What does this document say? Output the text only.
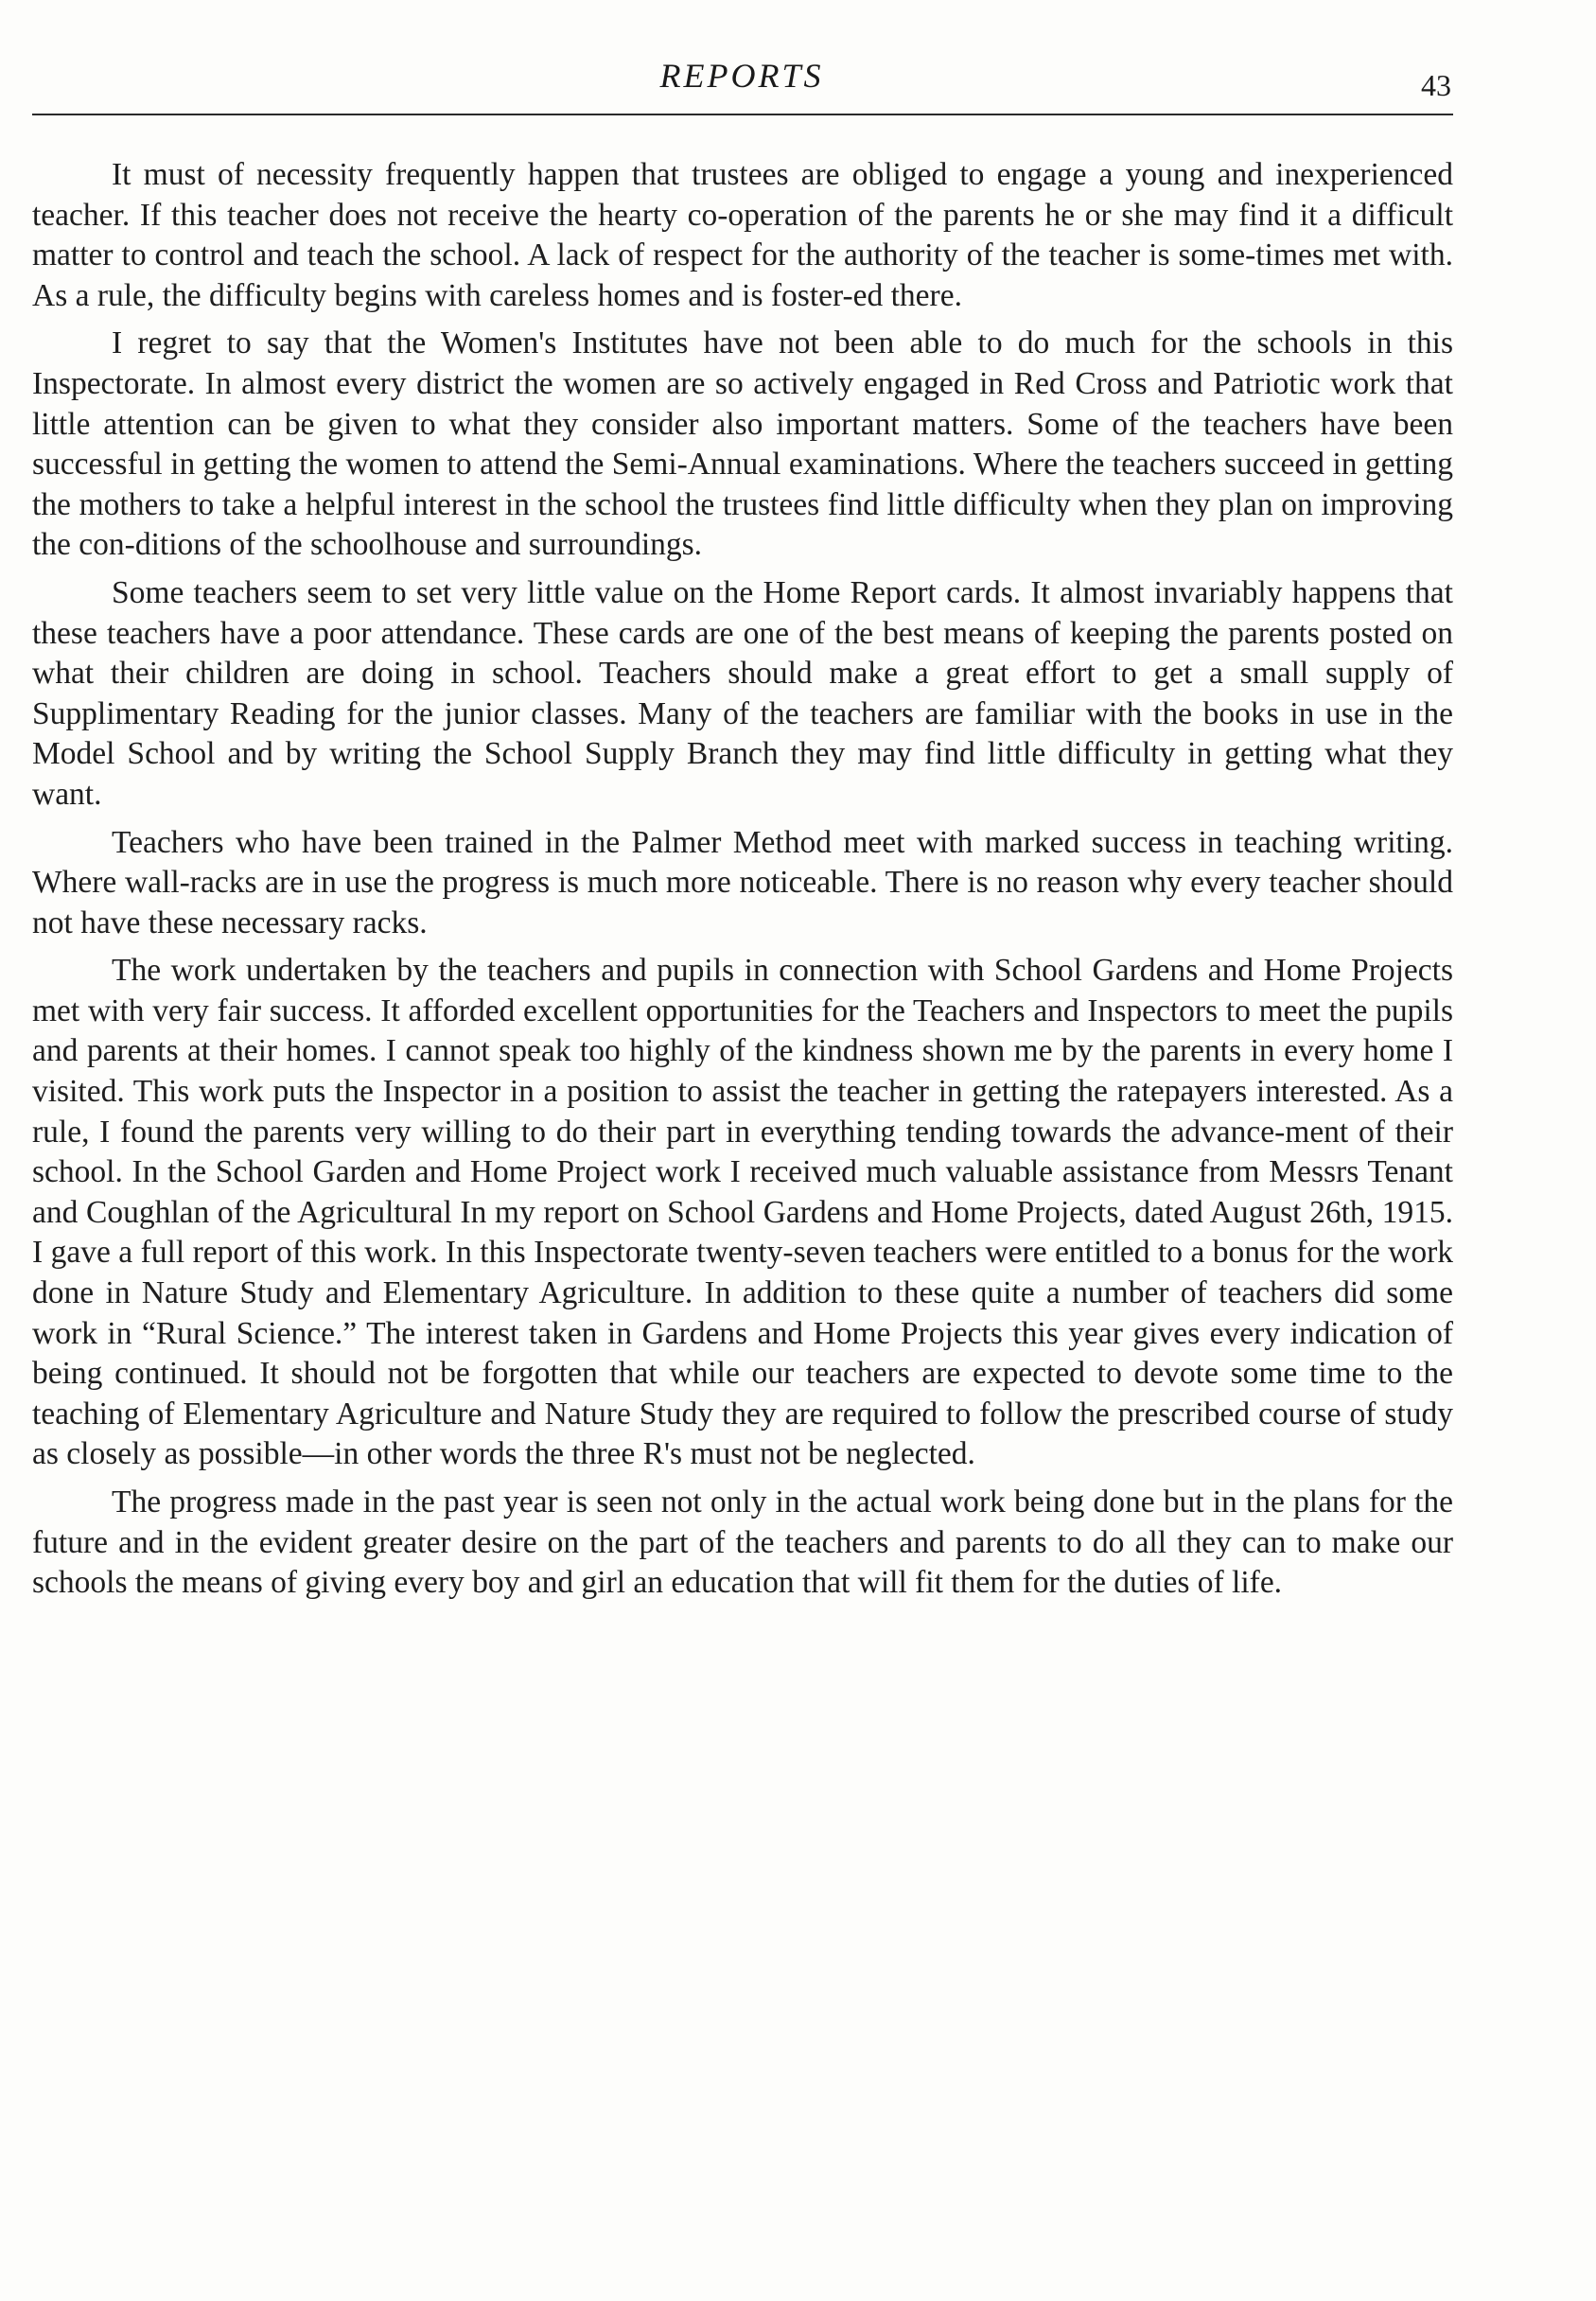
REPORTS	43

It must of necessity frequently happen that trustees are obliged to engage a young and inexperienced teacher. If this teacher does not receive the hearty co-operation of the parents he or she may find it a difficult matter to control and teach the school. A lack of respect for the authority of the teacher is some-times met with. As a rule, the difficulty begins with careless homes and is foster-ed there.

I regret to say that the Women's Institutes have not been able to do much for the schools in this Inspectorate. In almost every district the women are so actively engaged in Red Cross and Patriotic work that little attention can be given to what they consider also important matters. Some of the teachers have been successful in getting the women to attend the Semi-Annual examinations. Where the teachers succeed in getting the mothers to take a helpful interest in the school the trustees find little difficulty when they plan on improving the con-ditions of the schoolhouse and surroundings.

Some teachers seem to set very little value on the Home Report cards. It almost invariably happens that these teachers have a poor attendance. These cards are one of the best means of keeping the parents posted on what their children are doing in school. Teachers should make a great effort to get a small supply of Supplimentary Reading for the junior classes. Many of the teachers are familiar with the books in use in the Model School and by writing the School Supply Branch they may find little difficulty in getting what they want.

Teachers who have been trained in the Palmer Method meet with marked success in teaching writing. Where wall-racks are in use the progress is much more noticeable. There is no reason why every teacher should not have these necessary racks.

The work undertaken by the teachers and pupils in connection with School Gardens and Home Projects met with very fair success. It afforded excellent opportunities for the Teachers and Inspectors to meet the pupils and parents at their homes. I cannot speak too highly of the kindness shown me by the parents in every home I visited. This work puts the Inspector in a position to assist the teacher in getting the ratepayers interested. As a rule, I found the parents very willing to do their part in everything tending towards the advance-ment of their school. In the School Garden and Home Project work I received much valuable assistance from Messrs Tenant and Coughlan of the Agricultural In my report on School Gardens and Home Projects, dated August 26th, 1915. I gave a full report of this work. In this Inspectorate twenty-seven teachers were entitled to a bonus for the work done in Nature Study and Elementary Agriculture. In addition to these quite a number of teachers did some work in “Rural Science.” The interest taken in Gardens and Home Projects this year gives every indication of being continued. It should not be forgotten that while our teachers are expected to devote some time to the teaching of Elementary Agriculture and Nature Study they are required to follow the prescribed course of study as closely as possible—in other words the three R's must not be neglected.

The progress made in the past year is seen not only in the actual work being done but in the plans for the future and in the evident greater desire on the part of the teachers and parents to do all they can to make our schools the means of giving every boy and girl an education that will fit them for the duties of life.
